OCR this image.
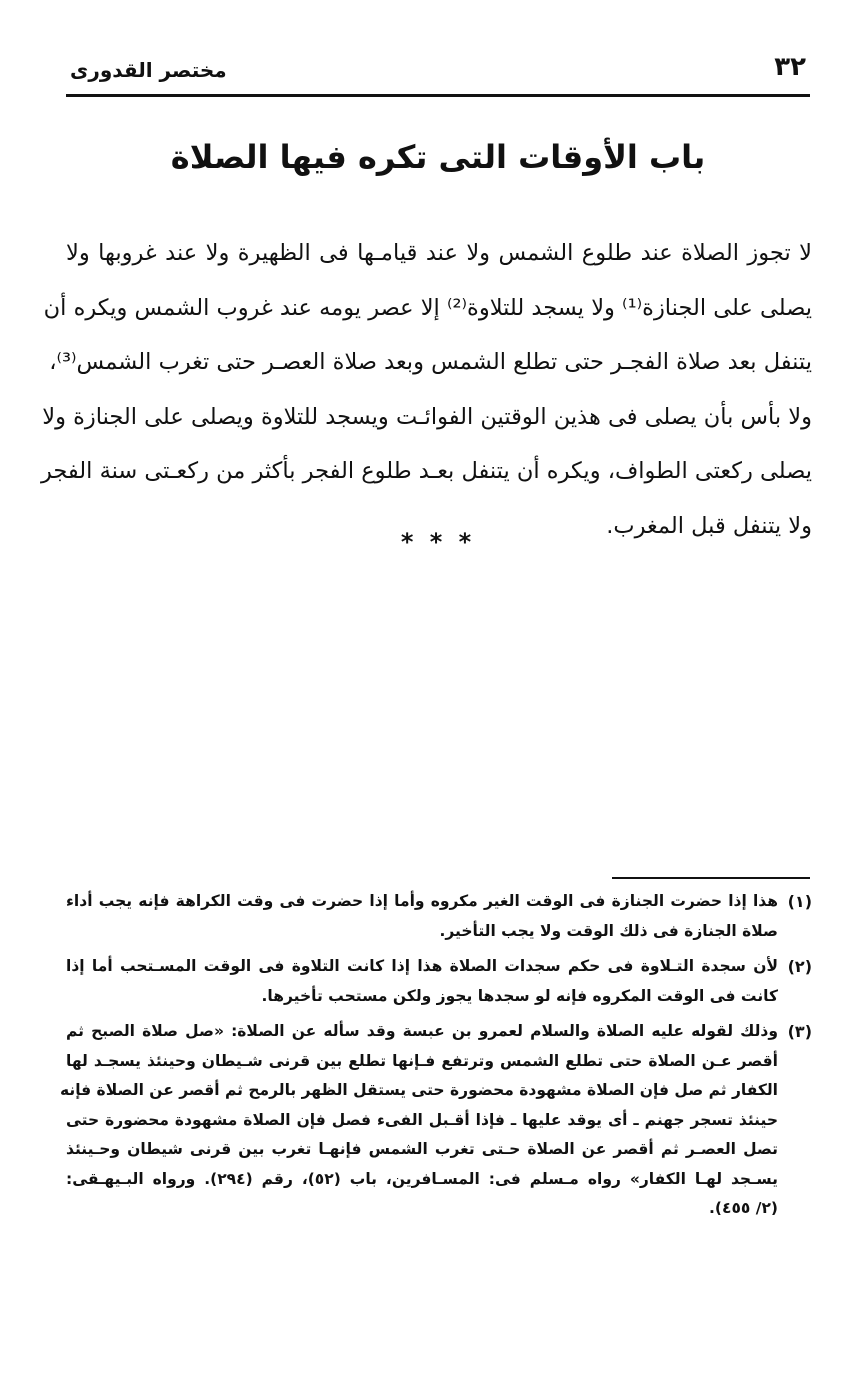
٣٢
مختصر القدورى
باب الأوقات التى تكره فيها الصلاة
لا تجوز الصلاة عند طلوع الشمس ولا عند قيامـها فى الظهيرة ولا عند غروبها ولا
يصلى على الجنازة⁽¹⁾ ولا يسجد للتلاوة⁽²⁾ إلا عصر يومه عند غروب الشمس ويكره أن
يتنفل بعد صلاة الفجـر حتى تطلع الشمس وبعد صلاة العصـر حتى تغرب الشمس⁽³⁾،
ولا بأس بأن يصلى فى هذين الوقتين الفوائـت ويسجد للتلاوة ويصلى على الجنازة ولا
يصلى ركعتى الطواف، ويكره أن يتنفل بعـد طلوع الفجر بأكثر من ركعـتى سنة الفجر
ولا يتنفل قبل المغرب.
* * *
(١)
هذا إذا حضرت الجنازة فى الوقت الغير مكروه وأما إذا حضرت فى وقت الكراهة فإنه يجب أداء
صلاة الجنازة فى ذلك الوقت ولا يجب التأخير.
(٢)
لأن سجدة التـلاوة فى حكم سجدات الصلاة هذا إذا كانت التلاوة فى الوقت المسـتحب أما إذا
كانت فى الوقت المكروه فإنه لو سجدها يجوز ولكن مستحب تأخيرها.
(٣)
وذلك لقوله عليه الصلاة والسلام لعمرو بن عبسة وقد سأله عن الصلاة: «صل صلاة الصبح ثم
أقصر عـن الصلاة حتى تطلع الشمس وترتفع فـإنها تطلع بين قرنى شـيطان وحينئذ يسجـد لها
الكفار ثم صل فإن الصلاة مشهودة محضورة حتى يستقل الظهر بالرمح ثم أقصر عن الصلاة فإنه
حينئذ تسجر جهنم ـ أى يوقد عليها ـ فإذا أقـبل الفىء فصل فإن الصلاة مشهودة محضورة حتى
تصل العصـر ثم أقصر عن الصلاة حـتى تغرب الشمس فإنهـا تغرب بين قرنى شيطان وحـينئذ
يسـجد لهـا الكفار» رواه مـسلم فى: المسـافرين، باب (٥٢)، رقم (٢٩٤). ورواه البـيهـقى:
(٢/ ٤٥٥).
